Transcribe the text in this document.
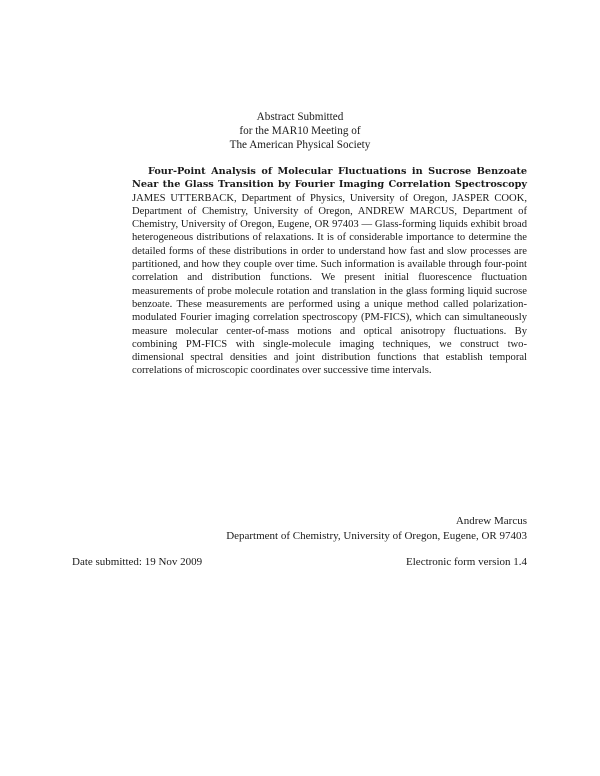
Abstract Submitted
for the MAR10 Meeting of
The American Physical Society
Four-Point Analysis of Molecular Fluctuations in Sucrose Benzoate Near the Glass Transition by Fourier Imaging Correlation Spectroscopy JAMES UTTERBACK, Department of Physics, University of Oregon, JASPER COOK, Department of Chemistry, University of Oregon, ANDREW MARCUS, Department of Chemistry, University of Oregon, Eugene, OR 97403 — Glass-forming liquids exhibit broad heterogeneous distributions of relaxations. It is of considerable importance to determine the detailed forms of these distributions in order to understand how fast and slow processes are partitioned, and how they couple over time. Such information is available through four-point correlation and distribution functions. We present initial fluorescence fluctuation measurements of probe molecule rotation and translation in the glass forming liquid sucrose benzoate. These measurements are performed using a unique method called polarization-modulated Fourier imaging correlation spectroscopy (PM-FICS), which can simultaneously measure molecular center-of-mass motions and optical anisotropy fluctuations. By combining PM-FICS with single-molecule imaging techniques, we construct two-dimensional spectral densities and joint distribution functions that establish temporal correlations of microscopic coordinates over successive time intervals.
Andrew Marcus
Department of Chemistry, University of Oregon, Eugene, OR 97403
Date submitted: 19 Nov 2009	Electronic form version 1.4
